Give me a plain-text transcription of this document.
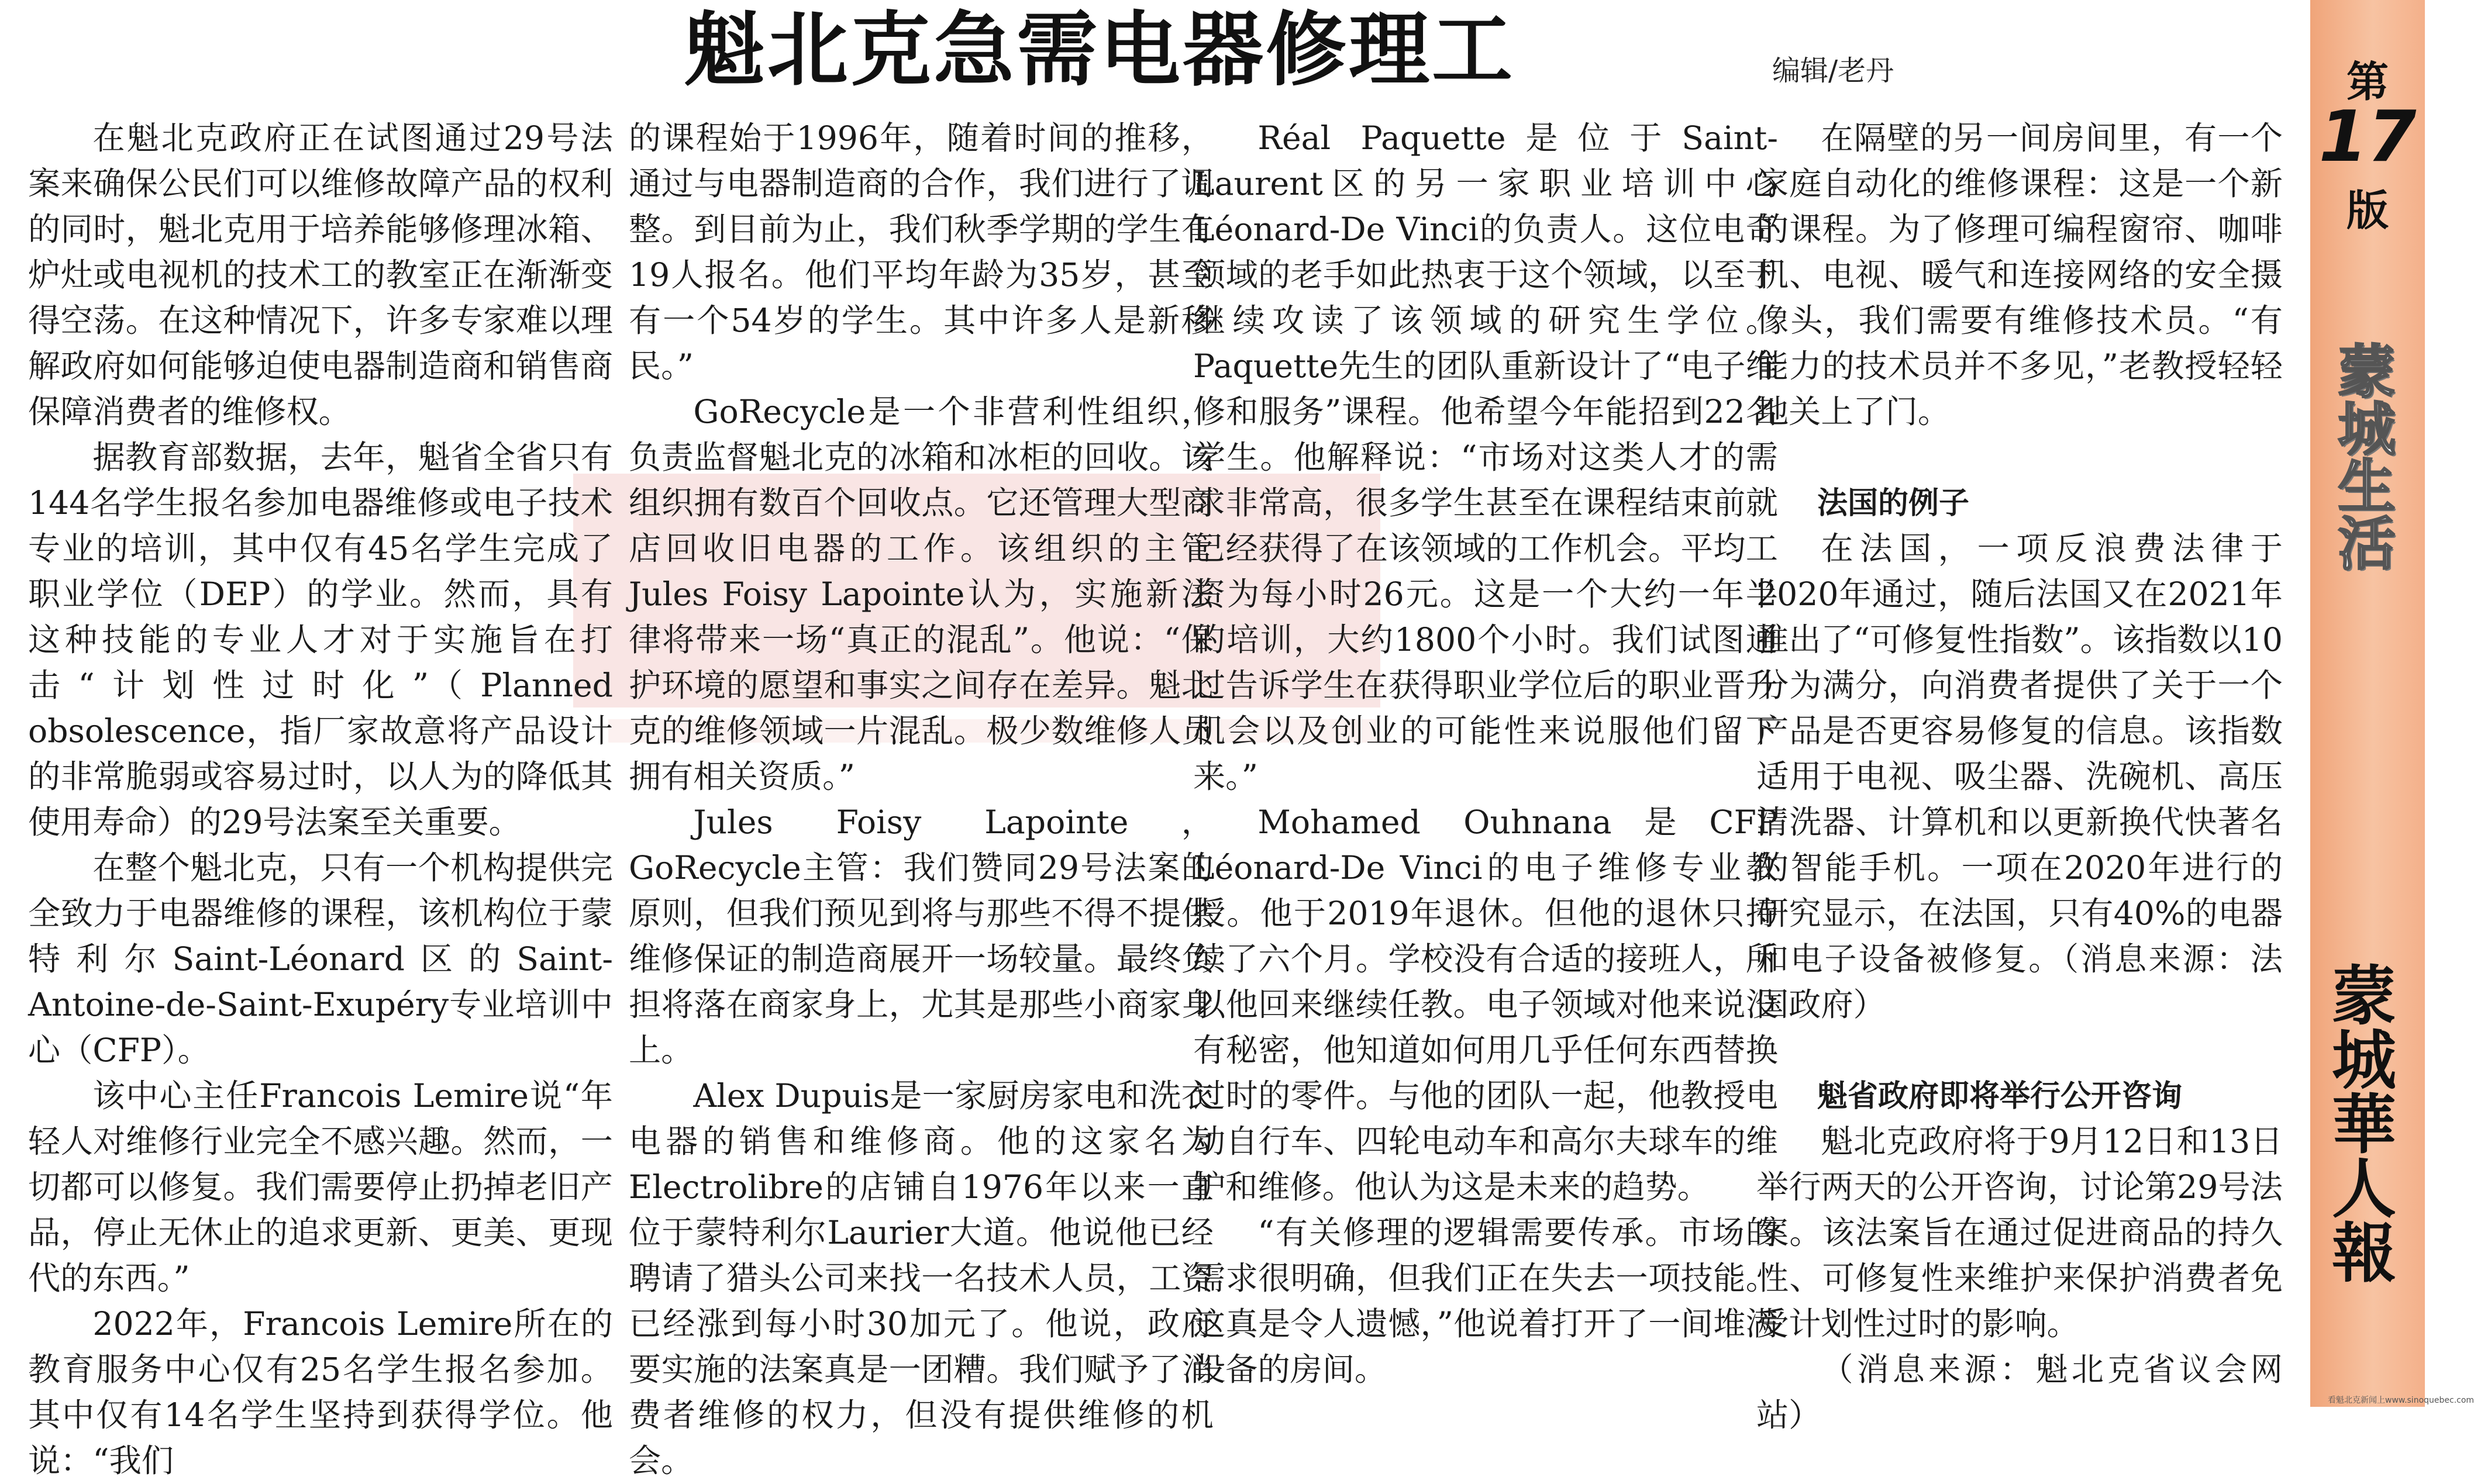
魁北克急需电器修理工	编辑/老丹

在魁北克政府正在试图通过29号法案来确保公民们可以维修故障产品的权利的同时，魁北克用于培养能够修理冰箱、炉灶或电视机的技术工的教室正在渐渐变得空荡。在这种情况下，许多专家难以理解政府如何能够迫使电器制造商和销售商保障消费者的维修权。

据教育部数据，去年，魁省全省只有144名学生报名参加电器维修或电子技术专业的培训，其中仅有45名学生完成了职业学位（DEP）的学业。然而，具有这种技能的专业人才对于实施旨在打击“计划性过时化”（Planned obsolescence，指厂家故意将产品设计的非常脆弱或容易过时，以人为的降低其使用寿命）的29号法案至关重要。

在整个魁北克，只有一个机构提供完全致力于电器维修的课程，该机构位于蒙特利尔Saint-Léonard区的Saint-Antoine-de-Saint-Exupéry专业培训中心（CFP）。

该中心主任Francois Lemire说“年轻人对维修行业完全不感兴趣。然而，一切都可以修复。我们需要停止扔掉老旧产品，停止无休止的追求更新、更美、更现代的东西。”

2022年，Francois Lemire所在的教育服务中心仅有25名学生报名参加。其中仅有14名学生坚持到获得学位。他说：“我们

的课程始于1996年，随着时间的推移，通过与电器制造商的合作，我们进行了调整。到目前为止，我们秋季学期的学生有19人报名。他们平均年龄为35岁，甚至有一个54岁的学生。其中许多人是新移民。”

GoRecycle是一个非营利性组织，负责监督魁北克的冰箱和冰柜的回收。该组织拥有数百个回收点。它还管理大型商店回收旧电器的工作。该组织的主管Jules Foisy Lapointe认为，实施新法律将带来一场“真正的混乱”。他说：“保护环境的愿望和事实之间存在差异。魁北克的维修领域一片混乱。极少数维修人员拥有相关资质。”

Jules Foisy Lapointe，GoRecycle主管：我们赞同29号法案的原则，但我们预见到将与那些不得不提供维修保证的制造商展开一场较量。最终负担将落在商家身上，尤其是那些小商家身上。

Alex Dupuis是一家厨房家电和洗衣电器的销售和维修商。他的这家名为Electrolibre的店铺自1976年以来一直位于蒙特利尔Laurier大道。他说他已经聘请了猎头公司来找一名技术人员，工资已经涨到每小时30加元了。他说，政府要实施的法案真是一团糟。我们赋予了消费者维修的权力，但没有提供维修的机会。

Réal Paquette是位于Saint-Laurent区的另一家职业培训中心Léonard-De Vinci的负责人。这位电奇领域的老手如此热衷于这个领域，以至于继续攻读了该领域的研究生学位。Paquette先生的团队重新设计了“电子维修和服务”课程。他希望今年能招到22名学生。他解释说：“市场对这类人才的需求非常高，很多学生甚至在课程结束前就已经获得了在该领域的工作机会。平均工资为每小时26元。这是一个大约一年半的培训，大约1800个小时。我们试图通过告诉学生在获得职业学位后的职业晋升机会以及创业的可能性来说服他们留下来。”

Mohamed Ouhnana是CFP Léonard-De Vinci的电子维修专业教授。他于2019年退休。但他的退休只持续了六个月。学校没有合适的接班人，所以他回来继续任教。电子领域对他来说没有秘密，他知道如何用几乎任何东西替换过时的零件。与他的团队一起，他教授电动自行车、四轮电动车和高尔夫球车的维护和维修。他认为这是未来的趋势。

“有关修理的逻辑需要传承。市场的需求很明确，但我们正在失去一项技能。这真是令人遗憾，”他说着打开了一间堆满设备的房间。

在隔壁的另一间房间里，有一个家庭自动化的维修课程：这是一个新的课程。为了修理可编程窗帘、咖啡机、电视、暖气和连接网络的安全摄像头，我们需要有维修技术员。“有能力的技术员并不多见，”老教授轻轻地关上了门。

法国的例子

在法国，一项反浪费法律于2020年通过，随后法国又在2021年推出了“可修复性指数”。该指数以10分为满分，向消费者提供了关于一个产品是否更容易修复的信息。该指数适用于电视、吸尘器、洗碗机、高压清洗器、计算机和以更新换代快著名的智能手机。一项在2020年进行的研究显示，在法国，只有40%的电器和电子设备被修复。（消息来源：法国政府）

魁省政府即将举行公开咨询

魁北克政府将于9月12日和13日举行两天的公开咨询，讨论第29号法案。该法案旨在通过促进商品的持久性、可修复性来维护来保护消费者免受计划性过时的影响。

（消息来源：魁北克省议会网站）

第
17
版
蒙城生活
蒙城華人報
看魁北克新闻上www.sinoquebec.com
